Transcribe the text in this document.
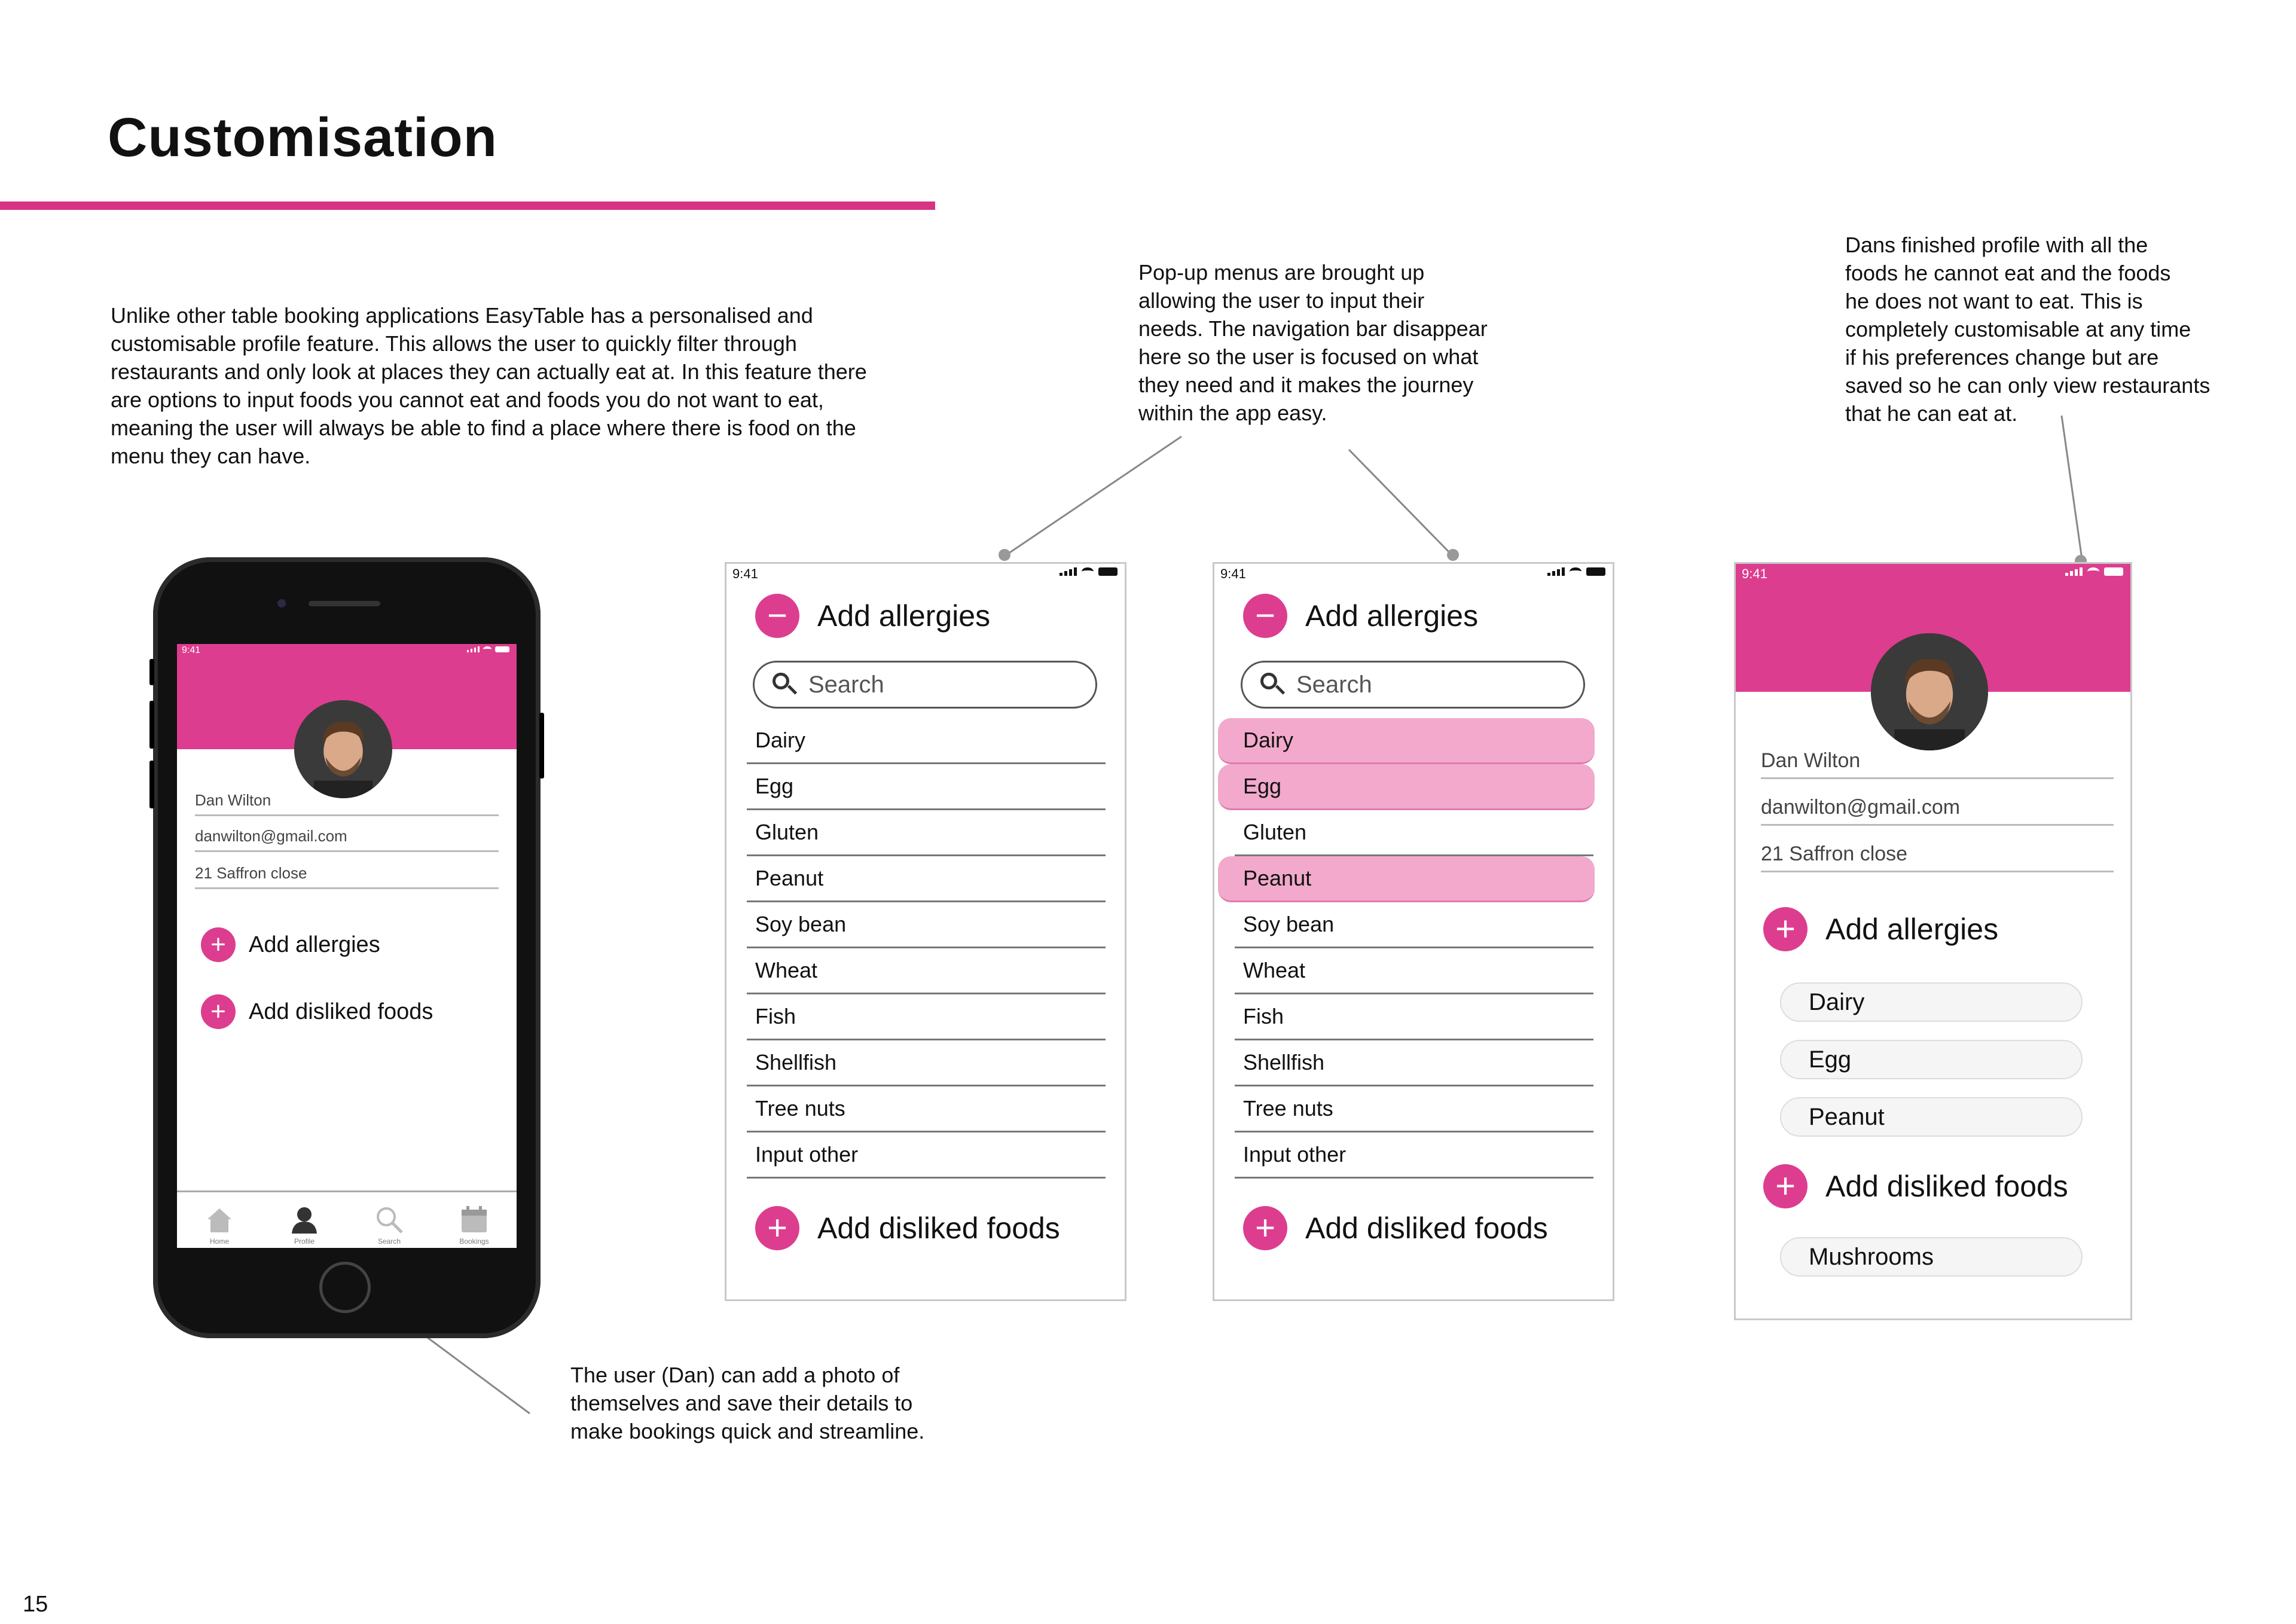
Customisation

Unlike other table booking applications EasyTable has a personalised and
customisable profile feature. This allows the user to quickly filter through
restaurants and only look at places they can actually eat at. In this feature there
are options to input foods you cannot eat and foods you do not want to eat,
meaning the user will always be able to find a place where there is food on the
menu they can have.

Pop-up menus are brought up
allowing the user to input their
needs. The navigation bar disappear
here so the user is focused on what
they need and it makes the journey
within the app easy.

Dans finished profile with all the
foods he cannot eat and the foods
he does not want to eat. This is
completely customisable at any time
if his preferences change but are
saved so he can only view restaurants
that he can eat at.

The user (Dan) can add a photo of
themselves and save their details to
make bookings quick and streamline.

15
9:41
Dan Wilton
danwilton@gmail.com
21 Saffron close
+	Add allergies
+	Add disliked foods
Home	Profile	Search	Bookings
9:41
−	Add allergies
Search
Dairy
Egg
Gluten
Peanut
Soy bean
Wheat
Fish
Shellfish
Tree nuts
Input other
+	Add disliked foods
9:41
−	Add allergies
Search
Dairy
Egg
Gluten
Peanut
Soy bean
Wheat
Fish
Shellfish
Tree nuts
Input other
+	Add disliked foods
9:41
Dan Wilton
danwilton@gmail.com
21 Saffron close
+	Add allergies
Dairy
Egg
Peanut
+	Add disliked foods
Mushrooms
